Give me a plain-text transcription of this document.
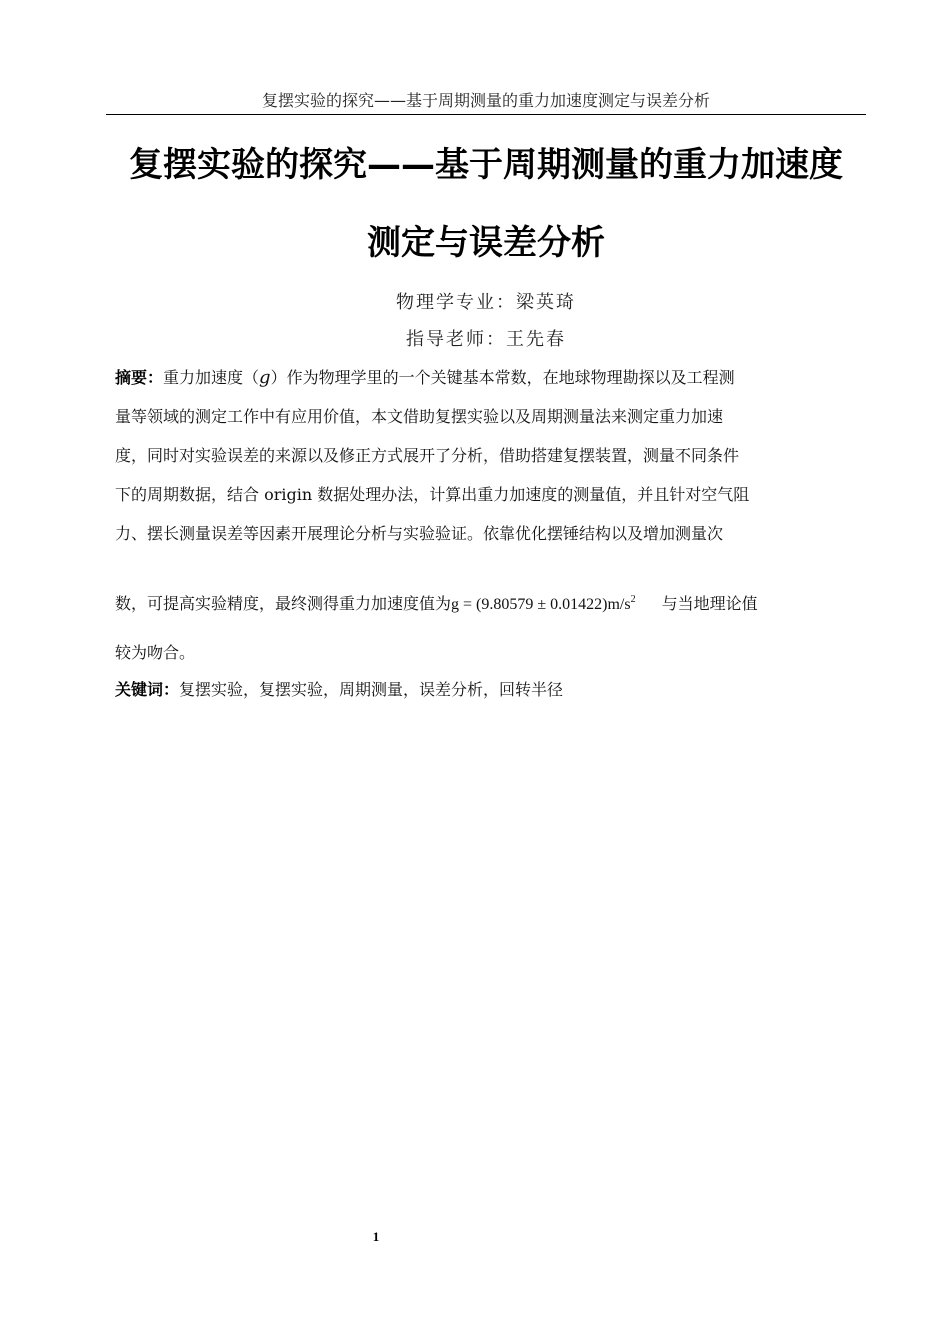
复摆实验的探究——基于周期测量的重力加速度测定与误差分析
复摆实验的探究——基于周期测量的重力加速度
测定与误差分析
物理学专业：梁英琦
指导老师：王先春
摘要：重力加速度（g）作为物理学里的一个关键基本常数，在地球物理勘探以及工程测
量等领域的测定工作中有应用价值，本文借助复摆实验以及周期测量法来测定重力加速
度，同时对实验误差的来源以及修正方式展开了分析，借助搭建复摆装置，测量不同条件
下的周期数据，结合 origin 数据处理办法，计算出重力加速度的测量值，并且针对空气阻
力、摆长测量误差等因素开展理论分析与实验验证。依靠优化摆锤结构以及增加测量次
数，可提高实验精度，最终测得重力加速度值为$g = (9.80579 \pm 0.01422)m/s^2$ 与当地理论值
较为吻合。
关键词：复摆实验，复摆实验，周期测量，误差分析，回转半径
1
